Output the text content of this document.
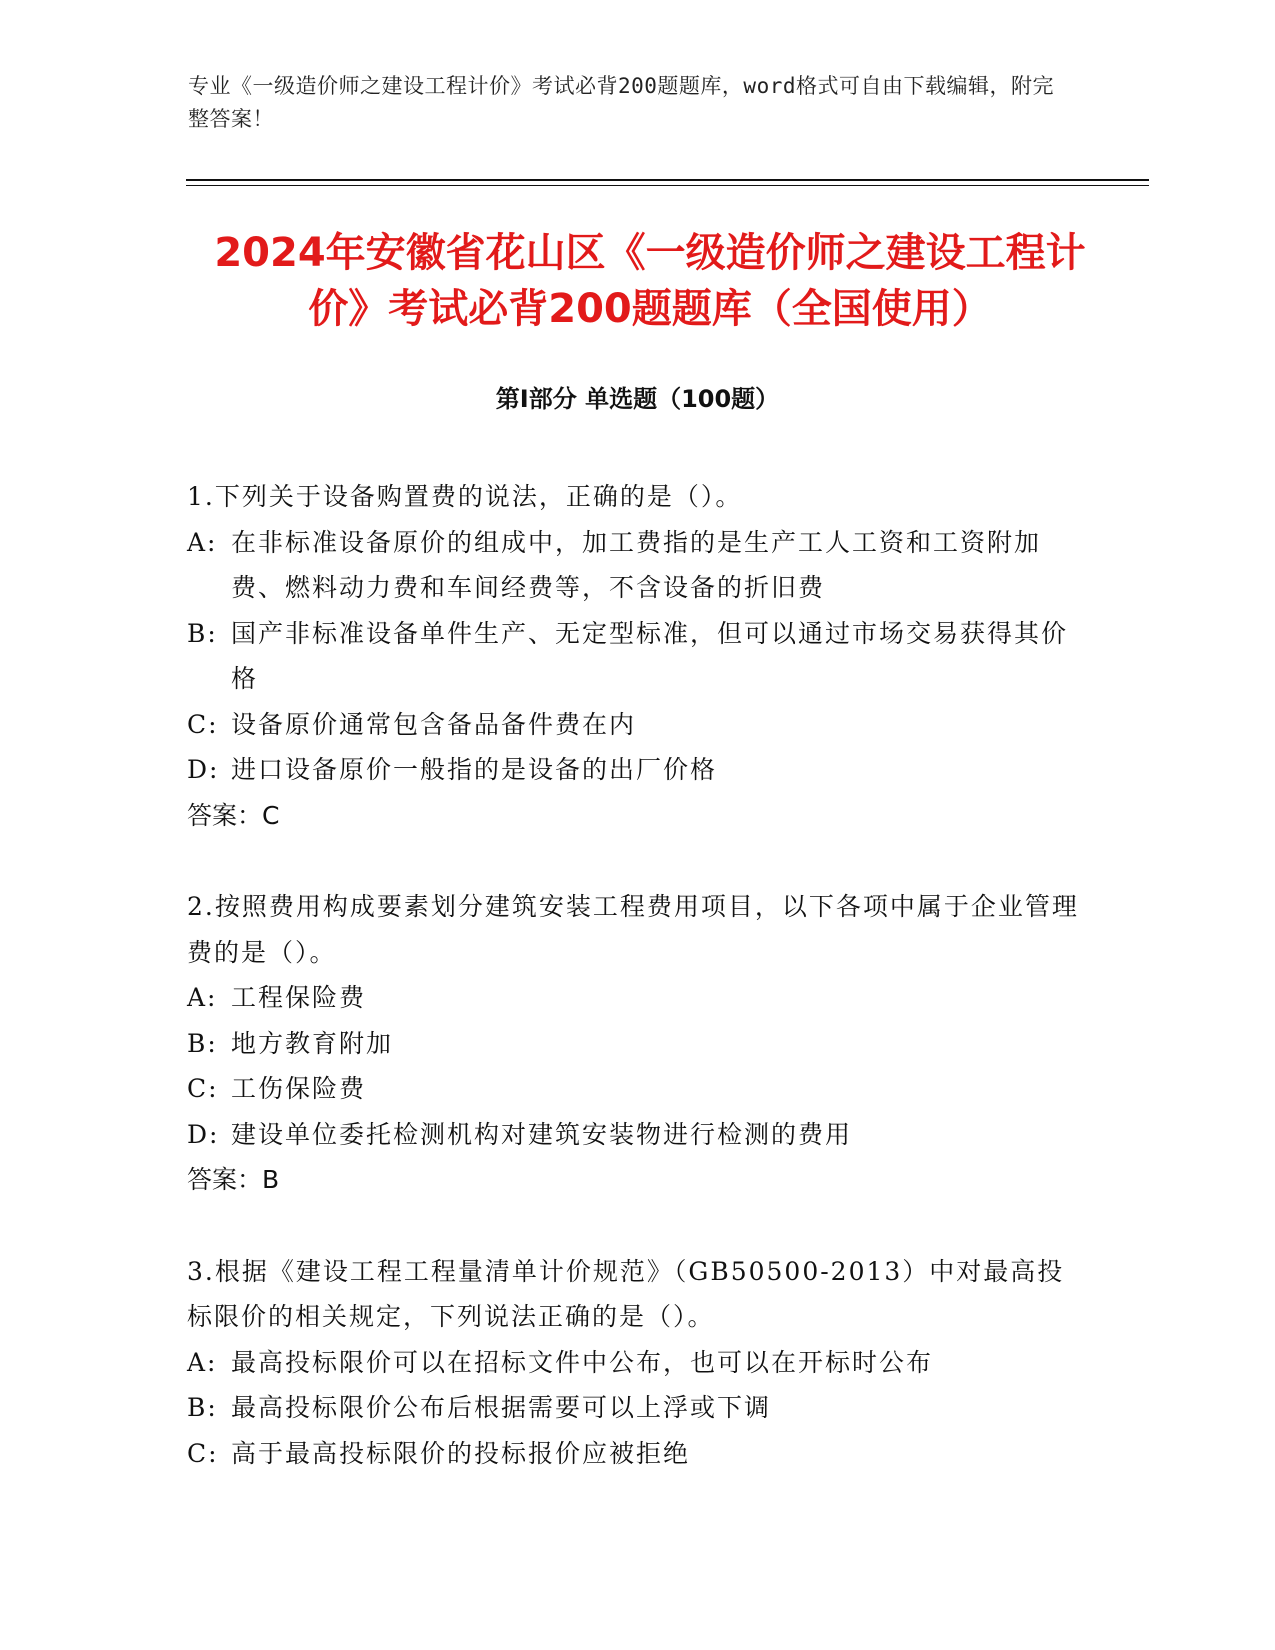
专业《一级造价师之建设工程计价》考试必背200题题库，word格式可自由下载编辑，附完整答案！
2024年安徽省花山区《一级造价师之建设工程计价》考试必背200题题库（全国使用）
第Ⅰ部分 单选题（100题）
1.下列关于设备购置费的说法，正确的是（）。
A: 在非标准设备原价的组成中，加工费指的是生产工人工资和工资附加费、燃料动力费和车间经费等，不含设备的折旧费
B: 国产非标准设备单件生产、无定型标准，但可以通过市场交易获得其价格
C: 设备原价通常包含备品备件费在内
D: 进口设备原价一般指的是设备的出厂价格
答案：C
2.按照费用构成要素划分建筑安装工程费用项目，以下各项中属于企业管理费的是（）。
A: 工程保险费
B: 地方教育附加
C: 工伤保险费
D: 建设单位委托检测机构对建筑安装物进行检测的费用
答案：B
3.根据《建设工程工程量清单计价规范》（GB50500-2013）中对最高投标限价的相关规定，下列说法正确的是（）。
A: 最高投标限价可以在招标文件中公布，也可以在开标时公布
B: 最高投标限价公布后根据需要可以上浮或下调
C: 高于最高投标限价的投标报价应被拒绝
